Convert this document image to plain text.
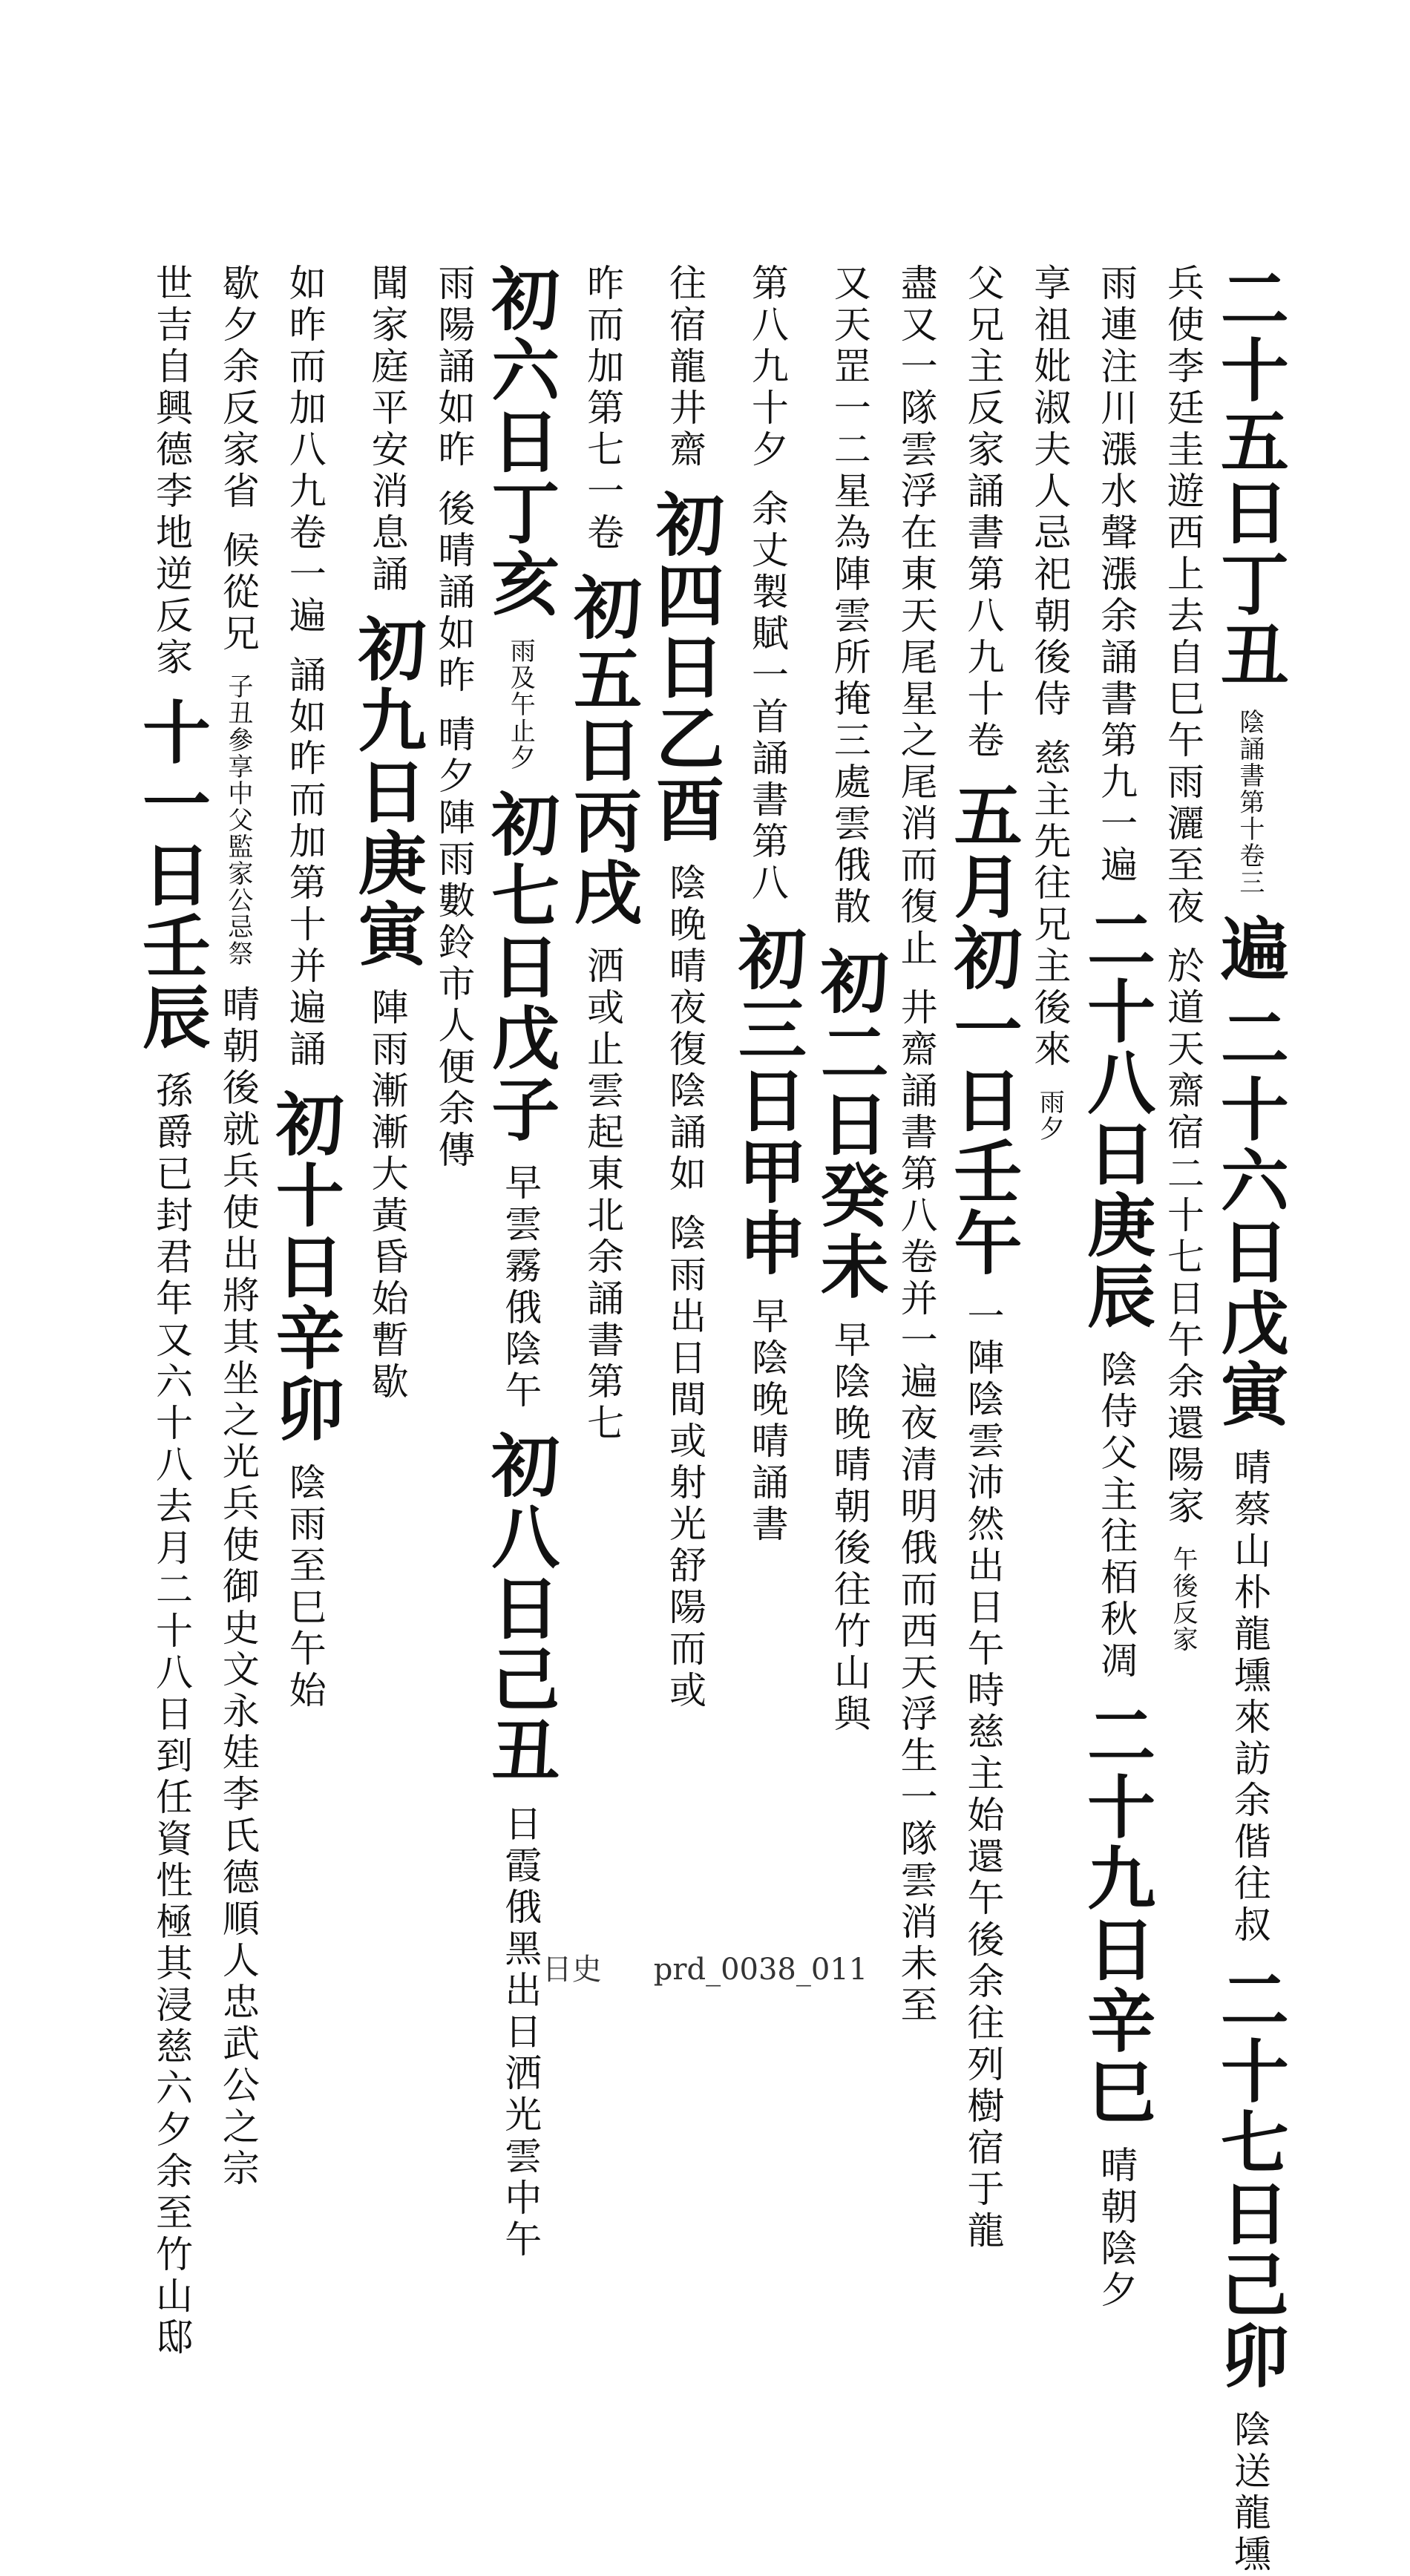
二十五日丁丑陰誦書第十卷三遍二十六日戊寅晴蔡山朴龍壎來訪余偕往叔二十七日己卯陰送龍壎
兵使李廷圭遊西上去自巳午雨灑至夜於道天齋宿二十七日午余還陽家午後反家
雨連注川漲水聲漲余誦書第九一遍二十八日庚辰陰侍父主往栢秋凋二十九日辛巳晴朝陰夕
享祖妣淑夫人忌祀朝後侍慈主先往兄主後來雨夕
父兄主反家誦書第八九十卷五月初一日壬午一陣陰雲沛然出日午時慈主始還午後余往列樹宿于龍
盡又一隊雲浮在東天尾星之尾消而復止井齋誦書第八卷并一遍夜清明俄而西天浮生一隊雲消未至
又天罡一二星為陣雲所掩三處雲俄散初二日癸未早陰晚晴朝後往竹山與
第八九十夕余丈製賦一首誦書第八初三日甲申早陰晚晴誦書
往宿龍井齋初四日乙酉陰晚晴夜復陰誦如陰雨出日間或射光舒陽而或
昨而加第七一卷初五日丙戌洒或止雲起東北余誦書第七
初六日丁亥雨及午止夕初七日戊子早雲霧俄陰午初八日己丑日霞俄黑出日洒光雲中午
雨陽誦如昨後晴誦如昨晴夕陣雨數鈴市人便余傳
聞家庭平安消息誦初九日庚寅陣雨漸漸大黃昏始暫歇
如昨而加八九卷一遍誦如昨而加第十并遍誦初十日辛卯陰雨至巳午始
歇夕余反家省候從兄子丑參享中父監家公忌祭晴朝後就兵使出將其坐之光兵使御史文永娃李氏德順人忠武公之宗
世吉自興德李地逆反家十一日壬辰孫爵已封君年又六十八去月二十八日到任資性極其浸慈六夕余至竹山邸	日史 prd_0038_011
